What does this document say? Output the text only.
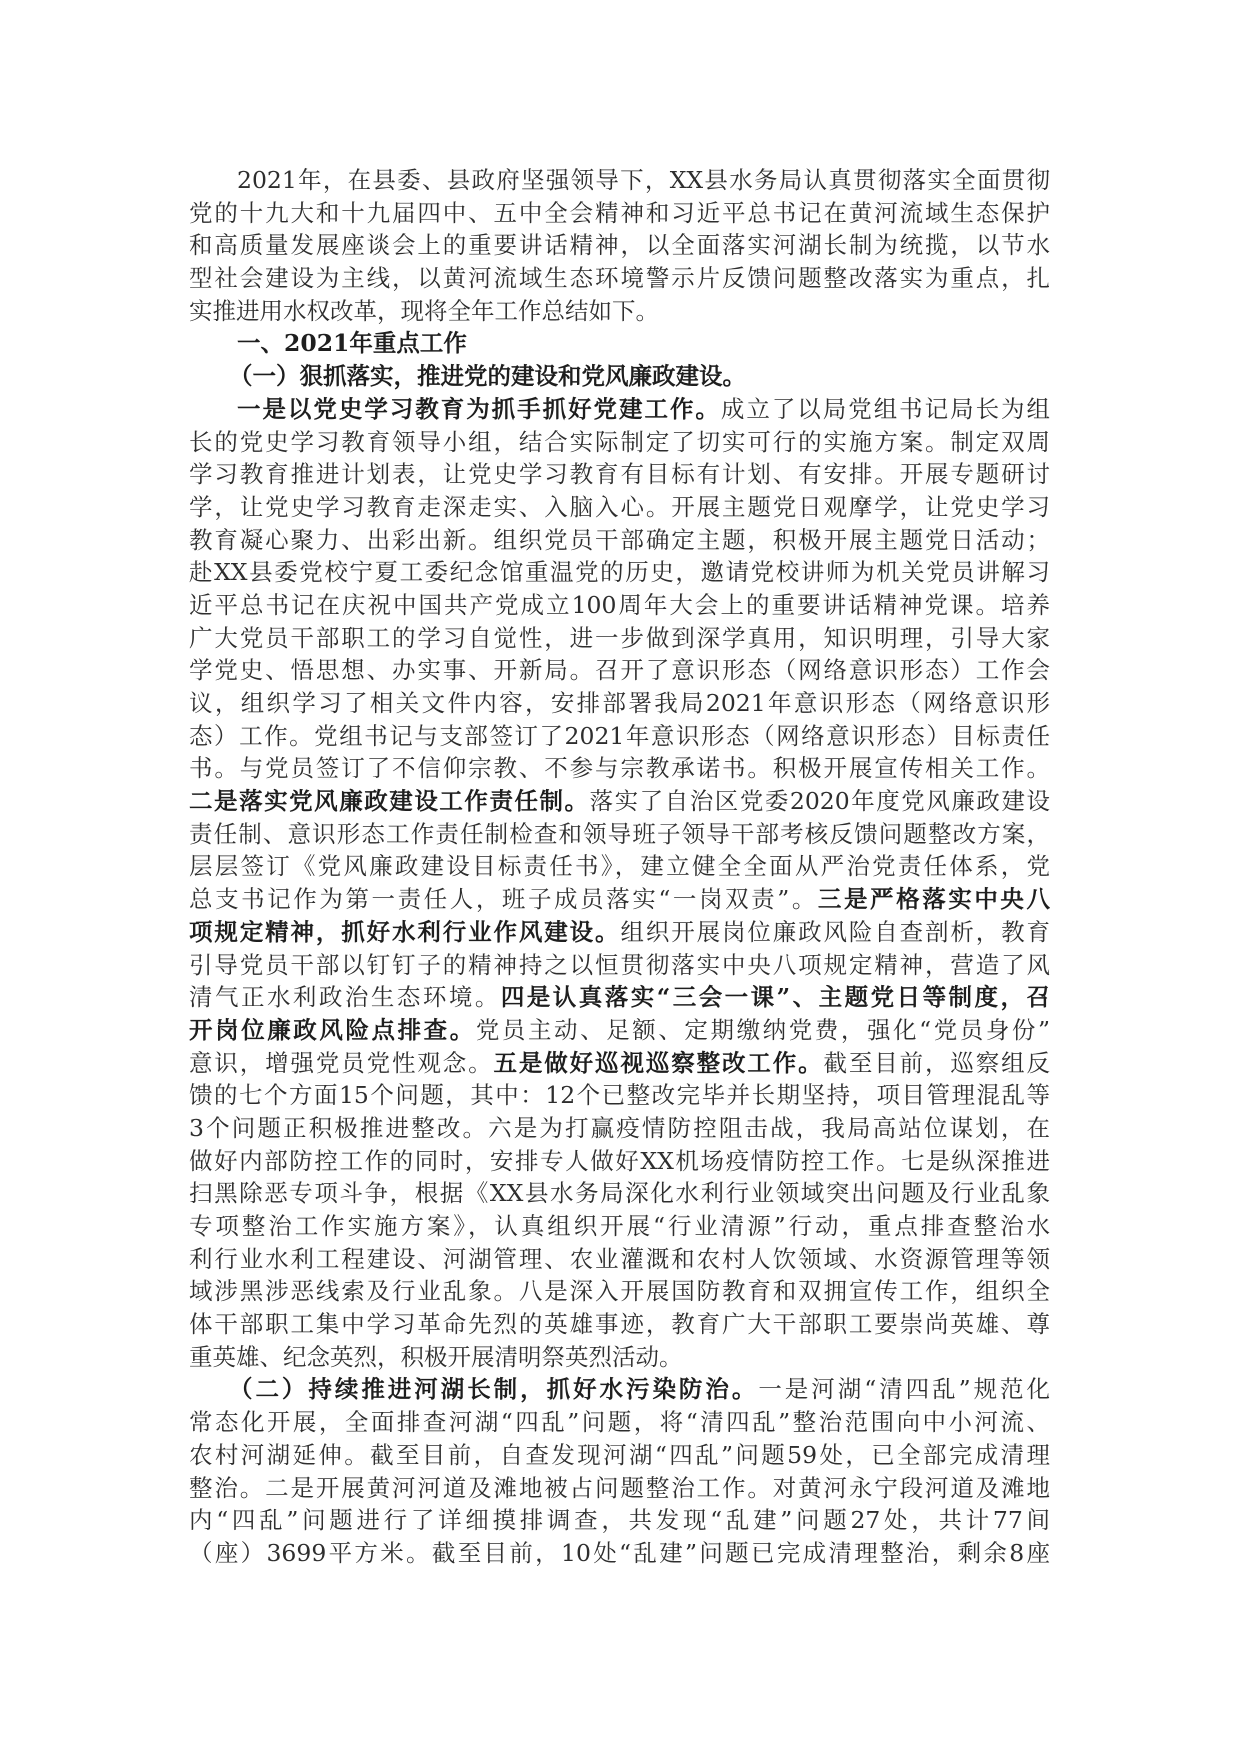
2021年，在县委、县政府坚强领导下，XX县水务局认真贯彻落实全面贯彻
党的十九大和十九届四中、五中全会精神和习近平总书记在黄河流域生态保护
和高质量发展座谈会上的重要讲话精神，以全面落实河湖长制为统揽，以节水
型社会建设为主线，以黄河流域生态环境警示片反馈问题整改落实为重点，扎
实推进用水权改革，现将全年工作总结如下。
一、2021年重点工作
（一）狠抓落实，推进党的建设和党风廉政建设。
一是以党史学习教育为抓手抓好党建工作。成立了以局党组书记局长为组
长的党史学习教育领导小组，结合实际制定了切实可行的实施方案。制定双周
学习教育推进计划表，让党史学习教育有目标有计划、有安排。开展专题研讨
学，让党史学习教育走深走实、入脑入心。开展主题党日观摩学，让党史学习
教育凝心聚力、出彩出新。组织党员干部确定主题，积极开展主题党日活动；
赴XX县委党校宁夏工委纪念馆重温党的历史，邀请党校讲师为机关党员讲解习
近平总书记在庆祝中国共产党成立100周年大会上的重要讲话精神党课。培养
广大党员干部职工的学习自觉性，进一步做到深学真用，知识明理，引导大家
学党史、悟思想、办实事、开新局。召开了意识形态（网络意识形态）工作会
议，组织学习了相关文件内容，安排部署我局2021年意识形态（网络意识形
态）工作。党组书记与支部签订了2021年意识形态（网络意识形态）目标责任
书。与党员签订了不信仰宗教、不参与宗教承诺书。积极开展宣传相关工作。
二是落实党风廉政建设工作责任制。落实了自治区党委2020年度党风廉政建设
责任制、意识形态工作责任制检查和领导班子领导干部考核反馈问题整改方案，
层层签订《党风廉政建设目标责任书》，建立健全全面从严治党责任体系，党
总支书记作为第一责任人，班子成员落实“一岗双责”。三是严格落实中央八
项规定精神，抓好水利行业作风建设。组织开展岗位廉政风险自查剖析，教育
引导党员干部以钉钉子的精神持之以恒贯彻落实中央八项规定精神，营造了风
清气正水利政治生态环境。四是认真落实“三会一课”、主题党日等制度，召
开岗位廉政风险点排查。党员主动、足额、定期缴纳党费，强化“党员身份”
意识，增强党员党性观念。五是做好巡视巡察整改工作。截至目前，巡察组反
馈的七个方面15个问题，其中：12个已整改完毕并长期坚持，项目管理混乱等
3个问题正积极推进整改。六是为打赢疫情防控阻击战，我局高站位谋划，在
做好内部防控工作的同时，安排专人做好XX机场疫情防控工作。七是纵深推进
扫黑除恶专项斗争，根据《XX县水务局深化水利行业领域突出问题及行业乱象
专项整治工作实施方案》，认真组织开展“行业清源”行动，重点排查整治水
利行业水利工程建设、河湖管理、农业灌溉和农村人饮领域、水资源管理等领
域涉黑涉恶线索及行业乱象。八是深入开展国防教育和双拥宣传工作，组织全
体干部职工集中学习革命先烈的英雄事迹，教育广大干部职工要崇尚英雄、尊
重英雄、纪念英烈，积极开展清明祭英烈活动。
（二）持续推进河湖长制，抓好水污染防治。一是河湖“清四乱”规范化
常态化开展，全面排查河湖“四乱”问题，将“清四乱”整治范围向中小河流、
农村河湖延伸。截至目前，自查发现河湖“四乱”问题59处，已全部完成清理
整治。二是开展黄河河道及滩地被占问题整治工作。对黄河永宁段河道及滩地
内“四乱”问题进行了详细摸排调查，共发现“乱建”问题27处，共计77间
（座）3699平方米。截至目前，10处“乱建”问题已完成清理整治，剩余8座
